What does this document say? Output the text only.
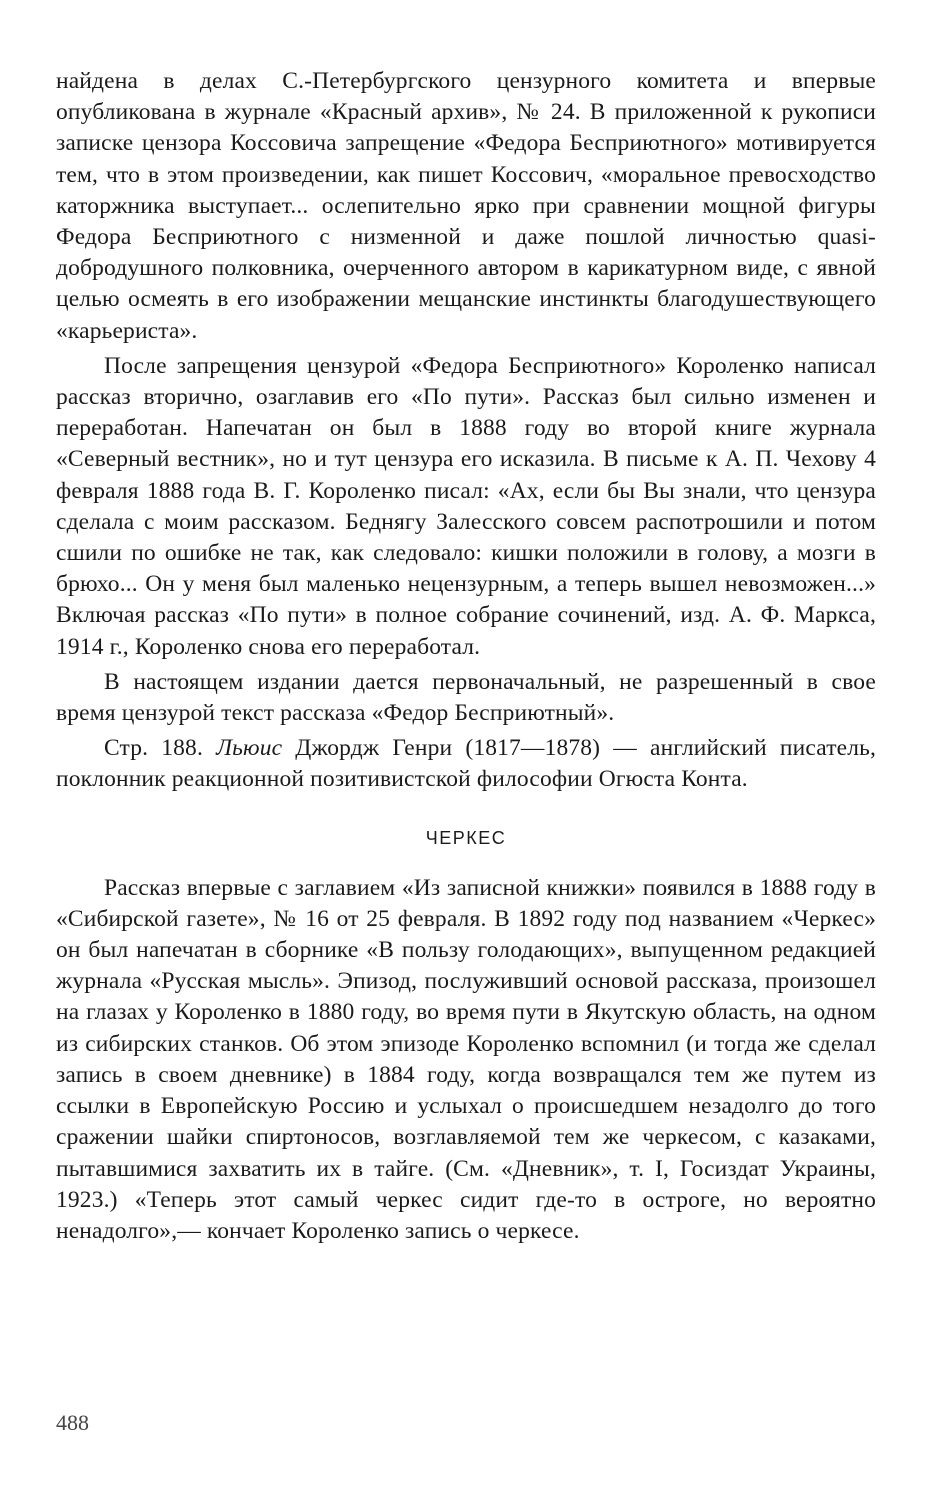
найдена в делах С.-Петербургского цензурного комитета и впервые опубликована в журнале «Красный архив», № 24. В приложенной к рукописи записке цензора Коссовича запрещение «Федора Бесприютного» мотивируется тем, что в этом произведении, как пишет Коссович, «моральное превосходство каторжника выступает... ослепительно ярко при сравнении мощной фигуры Федора Бесприютного с низменной и даже пошлой личностью quasi-добродушного полковника, очерченного автором в карикатурном виде, с явной целью осмеять в его изображении мещанские инстинкты благодушествующего «карьериста».

После запрещения цензурой «Федора Бесприютного» Короленко написал рассказ вторично, озаглавив его «По пути». Рассказ был сильно изменен и переработан. Напечатан он был в 1888 году во второй книге журнала «Северный вестник», но и тут цензура его исказила. В письме к А. П. Чехову 4 февраля 1888 года В. Г. Короленко писал: «Ах, если бы Вы знали, что цензура сделала с моим рассказом. Беднягу Залесского совсем распотрошили и потом сшили по ошибке не так, как следовало: кишки положили в голову, а мозги в брюхо... Он у меня был маленько нецензурным, а теперь вышел невозможен...» Включая рассказ «По пути» в полное собрание сочинений, изд. А. Ф. Маркса, 1914 г., Короленко снова его переработал.

В настоящем издании дается первоначальный, не разрешенный в свое время цензурой текст рассказа «Федор Бесприютный».

Стр. 188. Льюис Джордж Генри (1817—1878) — английский писатель, поклонник реакционной позитивистской философии Огюста Конта.

ЧЕРКЕС

Рассказ впервые с заглавием «Из записной книжки» появился в 1888 году в «Сибирской газете», № 16 от 25 февраля. В 1892 году под названием «Черкес» он был напечатан в сборнике «В пользу голодающих», выпущенном редакцией журнала «Русская мысль». Эпизод, послуживший основой рассказа, произошел на глазах у Короленко в 1880 году, во время пути в Якутскую область, на одном из сибирских станков. Об этом эпизоде Короленко вспомнил (и тогда же сделал запись в своем дневнике) в 1884 году, когда возвращался тем же путем из ссылки в Европейскую Россию и услыхал о происшедшем незадолго до того сражении шайки спиртоносов, возглавляемой тем же черкесом, с казаками, пытавшимися захватить их в тайге. (См. «Дневник», т. I, Госиздат Украины, 1923.) «Теперь этот самый черкес сидит где-то в остроге, но вероятно ненадолго»,— кончает Короленко запись о черкесе.

488
